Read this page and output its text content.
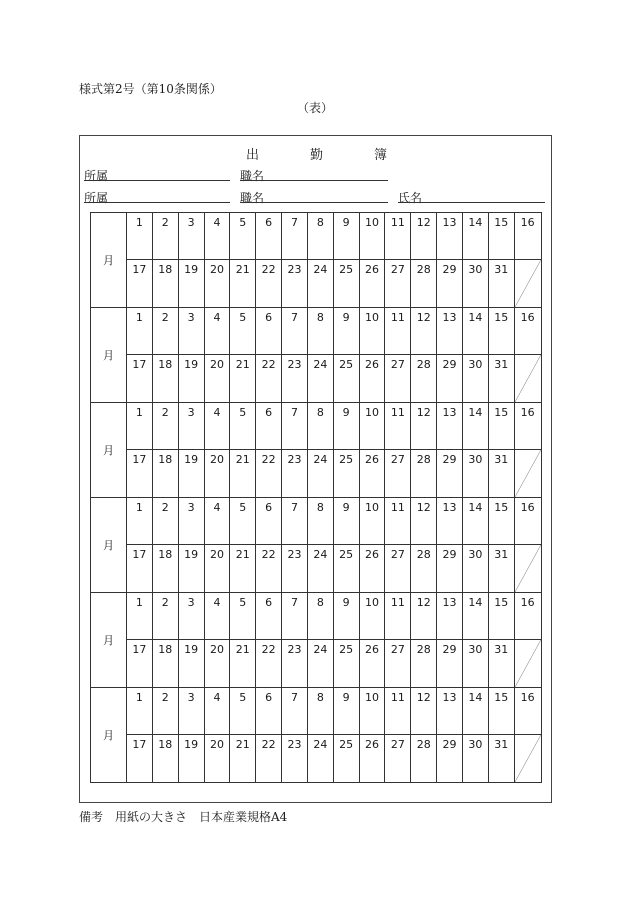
様式第2号（第10条関係）
（表）
出	勤	簿
所属	職名
所属	職名	氏名
月	1	2	3	4	5	6	7	8	9	10	11	12	13	14	15	16
	17	18	19	20	21	22	23	24	25	26	27	28	29	30	31	

月	1	2	3	4	5	6	7	8	9	10	11	12	13	14	15	16
	17	18	19	20	21	22	23	24	25	26	27	28	29	30	31	

月	1	2	3	4	5	6	7	8	9	10	11	12	13	14	15	16
	17	18	19	20	21	22	23	24	25	26	27	28	29	30	31	

月	1	2	3	4	5	6	7	8	9	10	11	12	13	14	15	16
	17	18	19	20	21	22	23	24	25	26	27	28	29	30	31	

月	1	2	3	4	5	6	7	8	9	10	11	12	13	14	15	16
	17	18	19	20	21	22	23	24	25	26	27	28	29	30	31	

月	1	2	3	4	5	6	7	8	9	10	11	12	13	14	15	16
	17	18	19	20	21	22	23	24	25	26	27	28	29	30	31	
備考　用紙の大きさ　日本産業規格A4
